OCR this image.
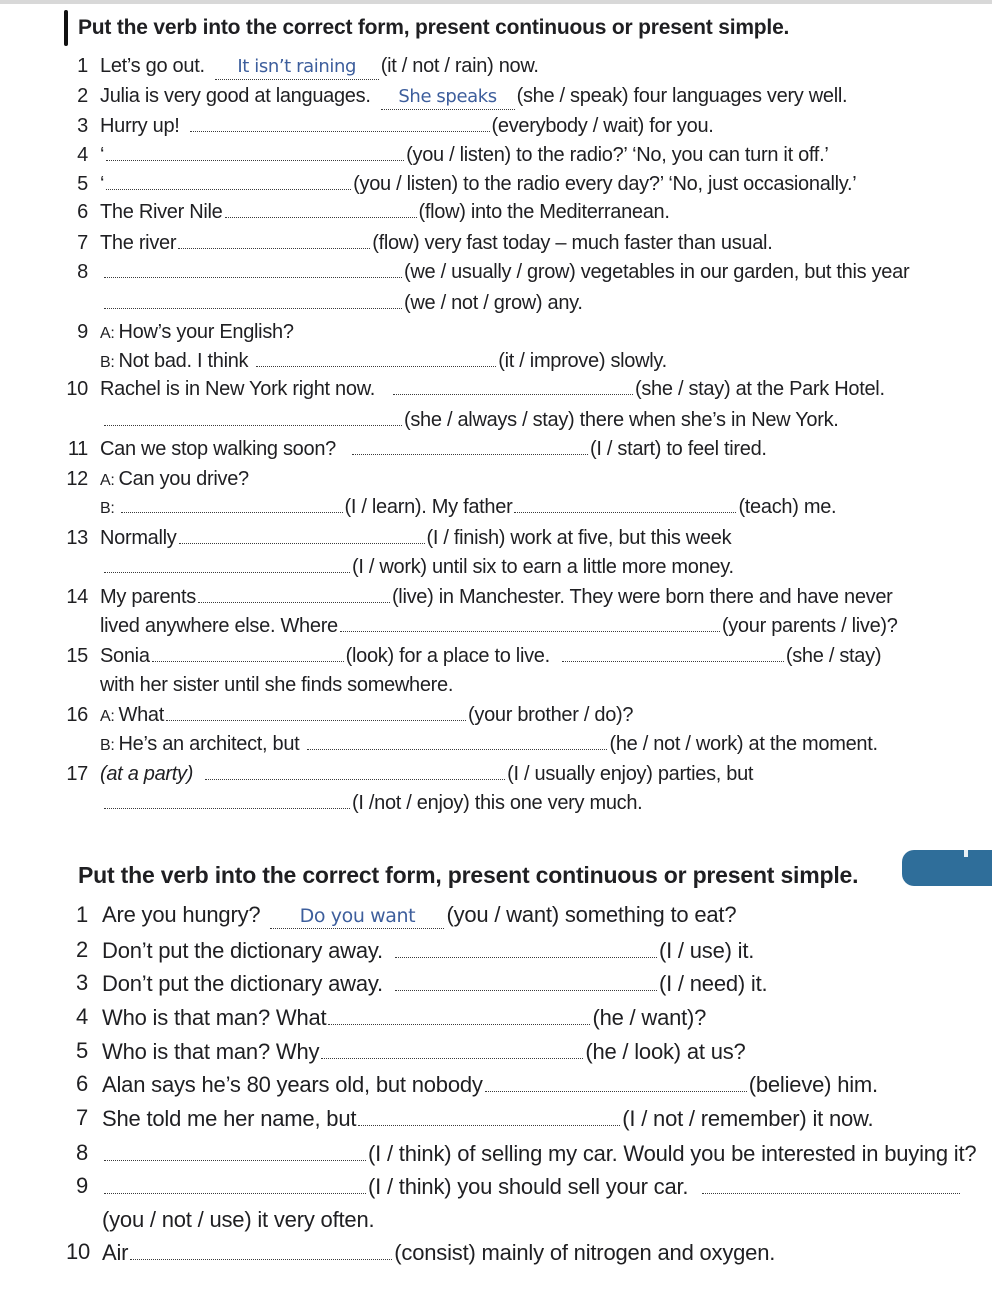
Put the verb into the correct form, present continuous or present simple.
1 Let’s go out.	It isn’t raining	(it / not / rain) now.
2 Julia is very good at languages.	She speaks (she / speak) four languages very well.
3 Hurry up!	(everybody / wait) for you.
4 ‘	(you / listen) to the radio?’ ‘No, you can turn it off.’
5 ‘	(you / listen) to the radio every day?’ ‘No, just occasionally.’
6 The River Nile	(flow) into the Mediterranean.
7 The river	(flow) very fast today – much faster than usual.
8	(we / usually / grow) vegetables in our garden, but this year
(we / not / grow) any.
9 A: How’s your English?
B: Not bad. I think	(it / improve) slowly.
10 Rachel is in New York right now.	(she / stay) at the Park Hotel.
(she / always / stay) there when she’s in New York.
11 Can we stop walking soon?	(I / start) to feel tired.
12 A: Can you drive?
B:	(I / learn). My father	(teach) me.
13 Normally	(I / finish) work at five, but this week
(I / work) until six to earn a little more money.
14 My parents	(live) in Manchester. They were born there and have never
lived anywhere else. Where	(your parents / live)?
15 Sonia	(look) for a place to live.	(she / stay)
with her sister until she finds somewhere.
16 A: What	(your brother / do)?
B: He’s an architect, but	(he / not / work) at the moment.
17 (at a party)	(I / usually enjoy) parties, but
(I /not / enjoy) this one very much.
Put the verb into the correct form, present continuous or present simple.
1 Are you hungry?	Do you want	(you / want) something to eat?
2 Don’t put the dictionary away.	(I / use) it.
3 Don’t put the dictionary away.	(I / need) it.
4 Who is that man? What	(he / want)?
5 Who is that man? Why	(he / look) at us?
6 Alan says he’s 80 years old, but nobody	(believe) him.
7 She told me her name, but	(I / not / remember) it now.
8	(I / think) of selling my car. Would you be interested in buying it?
9	(I / think) you should sell your car.
(you / not / use) it very often.
10 Air	(consist) mainly of nitrogen and oxygen.
